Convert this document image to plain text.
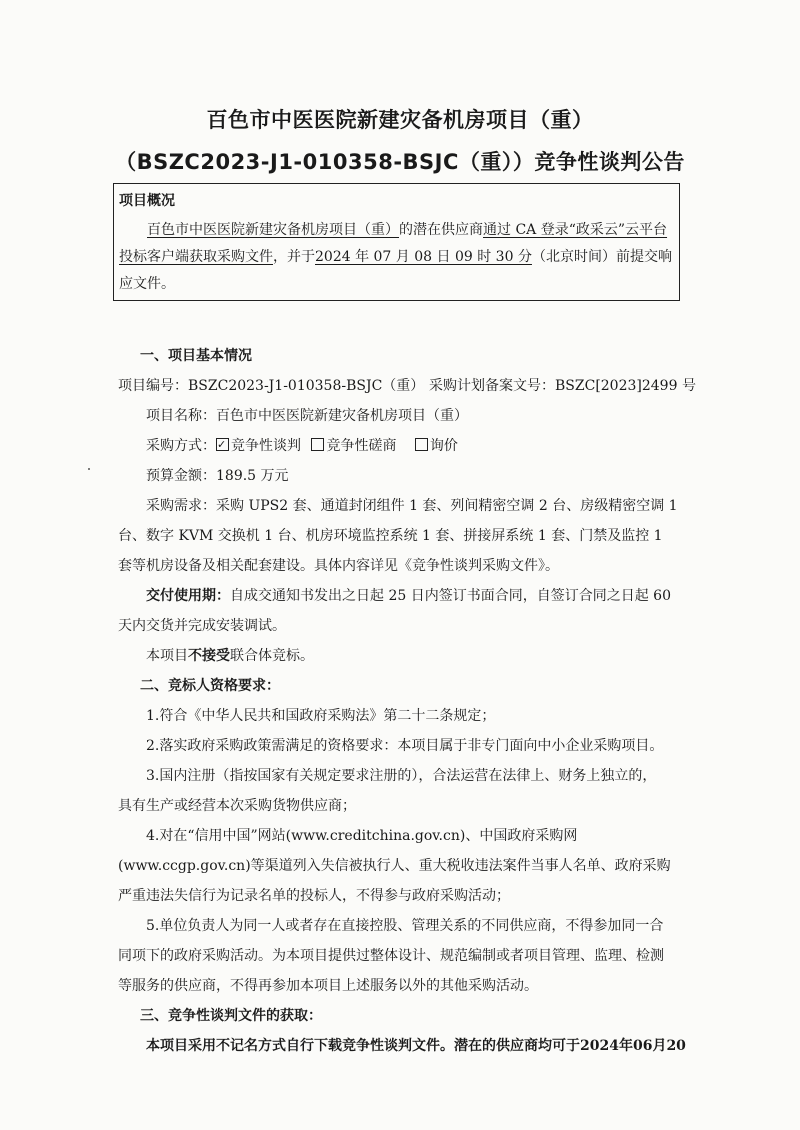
百色市中医医院新建灾备机房项目（重）
（BSZC2023-J1-010358-BSJC（重））竞争性谈判公告
项目概况
百色市中医医院新建灾备机房项目（重）的潜在供应商通过 CA 登录“政采云”云平台投标客户端获取采购文件，并于2024 年 07 月 08 日 09 时 30 分（北京时间）前提交响应文件。
一、项目基本情况
项目编号：BSZC2023-J1-010358-BSJC（重） 采购计划备案文号：BSZC[2023]2499 号
项目名称：百色市中医医院新建灾备机房项目（重）
采购方式：✓ 竞争性谈判 竞争性磋商 询价
预算金额：189.5 万元
采购需求：采购 UPS2 套、通道封闭组件 1 套、列间精密空调 2 台、房级精密空调 1
台、数字 KVM 交换机 1 台、机房环境监控系统 1 套、拼接屏系统 1 套、门禁及监控 1
套等机房设备及相关配套建设。具体内容详见《竞争性谈判采购文件》。
交付使用期：自成交通知书发出之日起 25 日内签订书面合同，自签订合同之日起 60
天内交货并完成安装调试。
本项目不接受联合体竞标。
二、竞标人资格要求：
1.符合《中华人民共和国政府采购法》第二十二条规定；
2.落实政府采购政策需满足的资格要求：本项目属于非专门面向中小企业采购项目。
3.国内注册（指按国家有关规定要求注册的），合法运营在法律上、财务上独立的，
具有生产或经营本次采购货物供应商；
4.对在“信用中国”网站(www.creditchina.gov.cn)、中国政府采购网
(www.ccgp.gov.cn)等渠道列入失信被执行人、重大税收违法案件当事人名单、政府采购
严重违法失信行为记录名单的投标人，不得参与政府采购活动；
5.单位负责人为同一人或者存在直接控股、管理关系的不同供应商，不得参加同一合
同项下的政府采购活动。为本项目提供过整体设计、规范编制或者项目管理、监理、检测
等服务的供应商，不得再参加本项目上述服务以外的其他采购活动。
三、竞争性谈判文件的获取：
本项目采用不记名方式自行下载竞争性谈判文件。潜在的供应商均可于2024年06月20
